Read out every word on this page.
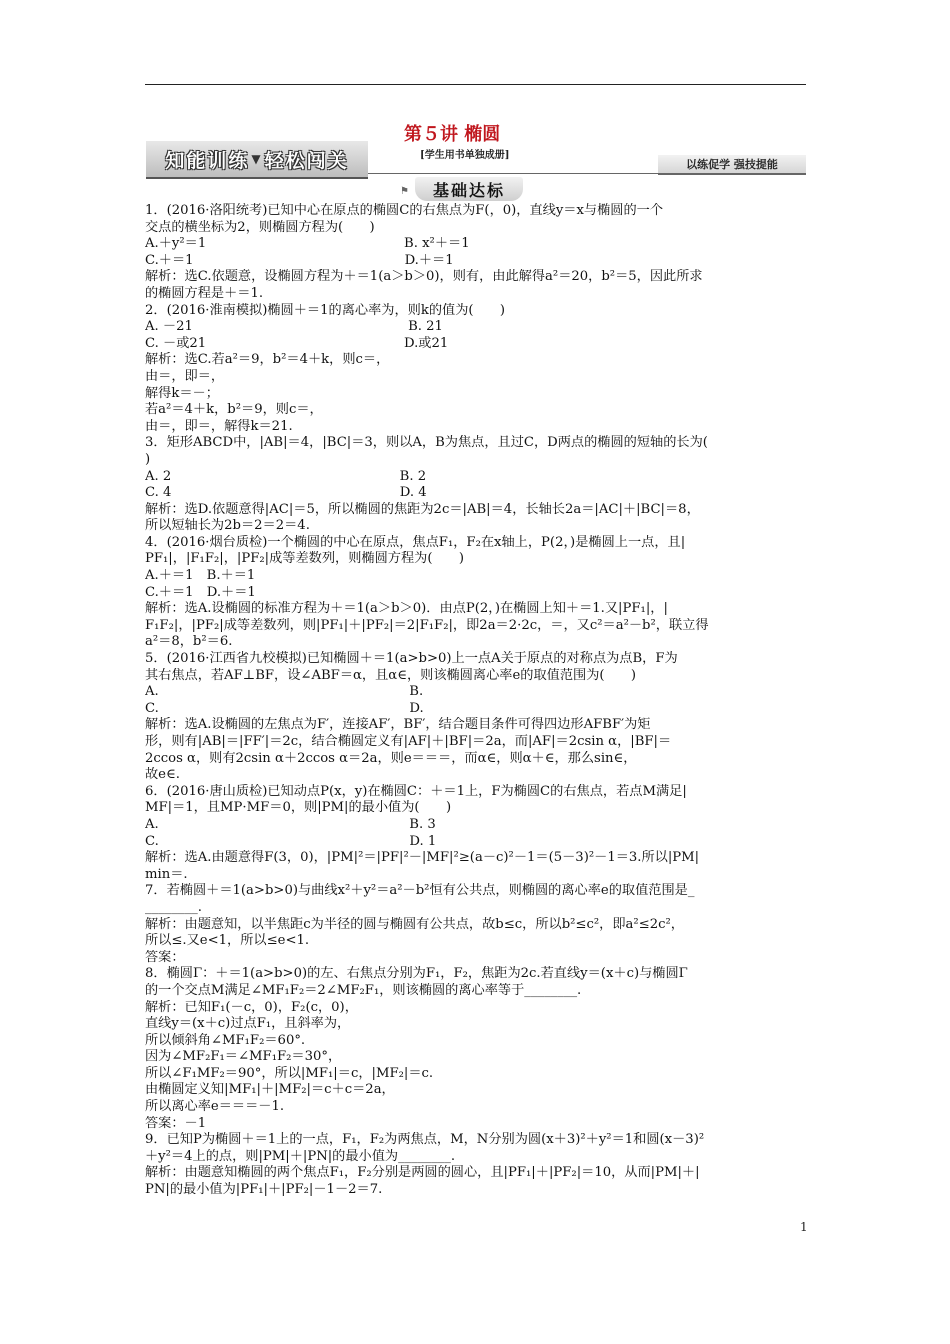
知能训练 ▼ 轻松闯关
第５讲 椭圆
[学生用书单独成册]
以练促学 强技提能
⚑	基础达标
1．(2016·洛阳统考)已知中心在原点的椭圆C的右焦点为F(，0)，直线y＝x与椭圆的一个
交点的横坐标为2，则椭圆方程为(　　)
A.＋y²＝1　　　　　　　　　　　　　　　B. x²＋＝1
C.＋＝1　　　　　　　　　　　　　　　　D.＋＝1
解析：选C.依题意，设椭圆方程为＋＝1(a＞b＞0)，则有，由此解得a²＝20，b²＝5，因此所求
的椭圆方程是＋＝1.
2．(2016·淮南模拟)椭圆＋＝1的离心率为，则k的值为(　　)
A. －21　　　　　　　　　　　　　　　　 B. 21
C. －或21　　　　　　　　　　　　　　　D.或21
解析：选C.若a²＝9，b²＝4＋k，则c＝，
由＝，即＝，
解得k＝－；
若a²＝4＋k，b²＝9，则c＝，
由＝，即＝，解得k＝21.
3．矩形ABCD中，|AB|＝4，|BC|＝3，则以A，B为焦点，且过C，D两点的椭圆的短轴的长为(
)
A. 2　　　　　　　　　　　　　　　　　 B. 2
C. 4　　　　　　　　　　　　　　　　　 D. 4
解析：选D.依题意得|AC|＝5，所以椭圆的焦距为2c＝|AB|＝4，长轴长2a＝|AC|＋|BC|＝8，
所以短轴长为2b＝2＝2＝4.
4．(2016·烟台质检)一个椭圆的中心在原点，焦点F₁，F₂在x轴上，P(2，)是椭圆上一点，且|
PF₁|，|F₁F₂|，|PF₂|成等差数列，则椭圆方程为(　　)
A.＋＝1　B.＋＝1
C.＋＝1　D.＋＝1
解析：选A.设椭圆的标准方程为＋＝1(a＞b＞0)．由点P(2，)在椭圆上知＋＝1.又|PF₁|，|
F₁F₂|，|PF₂|成等差数列，则|PF₁|＋|PF₂|＝2|F₁F₂|，即2a＝2·2c，＝，又c²＝a²－b²，联立得
a²＝8，b²＝6.
5．(2016·江西省九校模拟)已知椭圆＋＝1(a>b>0)上一点A关于原点的对称点为点B，F为
其右焦点，若AF⊥BF，设∠ABF＝α，且α∈，则该椭圆离心率e的取值范围为(　　)
A.　　　　　　　　　　　　　　　　　　　B.
C.　　　　　　　　　　　　　　　　　　　D.
解析：选A.设椭圆的左焦点为F′，连接AF′，BF′，结合题目条件可得四边形AFBF′为矩
形，则有|AB|＝|FF′|＝2c，结合椭圆定义有|AF|＋|BF|＝2a，而|AF|＝2csin α，|BF|＝
2ccos α，则有2csin α＋2ccos α＝2a，则e＝＝＝，而α∈，则α＋∈，那么sin∈，
故e∈.
6．(2016·唐山质检)已知动点P(x，y)在椭圆C：＋＝1上，F为椭圆C的右焦点，若点M满足|
MF|＝1，且MP·MF＝0，则|PM|的最小值为(　　)
A.　　　　　　　　　　　　　　　　　　　B. 3
C.　　　　　　　　　　　　　　　　　　　D. 1
解析：选A.由题意得F(3，0)，|PM|²＝|PF|²－|MF|²≥(a－c)²－1＝(5－3)²－1＝3.所以|PM|
min＝.
7．若椭圆＋＝1(a>b>0)与曲线x²＋y²＝a²－b²恒有公共点，则椭圆的离心率e的取值范围是_
________.
解析：由题意知，以半焦距c为半径的圆与椭圆有公共点，故b≤c，所以b²≤c²，即a²≤2c²，
所以≤.又e<1，所以≤e<1.
答案：
8．椭圆Γ：＋＝1(a>b>0)的左、右焦点分别为F₁，F₂，焦距为2c.若直线y＝(x＋c)与椭圆Γ
的一个交点M满足∠MF₁F₂＝2∠MF₂F₁，则该椭圆的离心率等于________.
解析：已知F₁(－c，0)，F₂(c，0)，
直线y＝(x＋c)过点F₁，且斜率为，
所以倾斜角∠MF₁F₂＝60°.
因为∠MF₂F₁＝∠MF₁F₂＝30°，
所以∠F₁MF₂＝90°，所以|MF₁|＝c，|MF₂|＝c.
由椭圆定义知|MF₁|＋|MF₂|＝c＋c＝2a，
所以离心率e＝＝＝－1.
答案：－1
9．已知P为椭圆＋＝1上的一点，F₁，F₂为两焦点，M，N分别为圆(x＋3)²＋y²＝1和圆(x－3)²
＋y²＝4上的点，则|PM|＋|PN|的最小值为________.
解析：由题意知椭圆的两个焦点F₁，F₂分别是两圆的圆心，且|PF₁|＋|PF₂|＝10，从而|PM|＋|
PN|的最小值为|PF₁|＋|PF₂|－1－2＝7.
1
